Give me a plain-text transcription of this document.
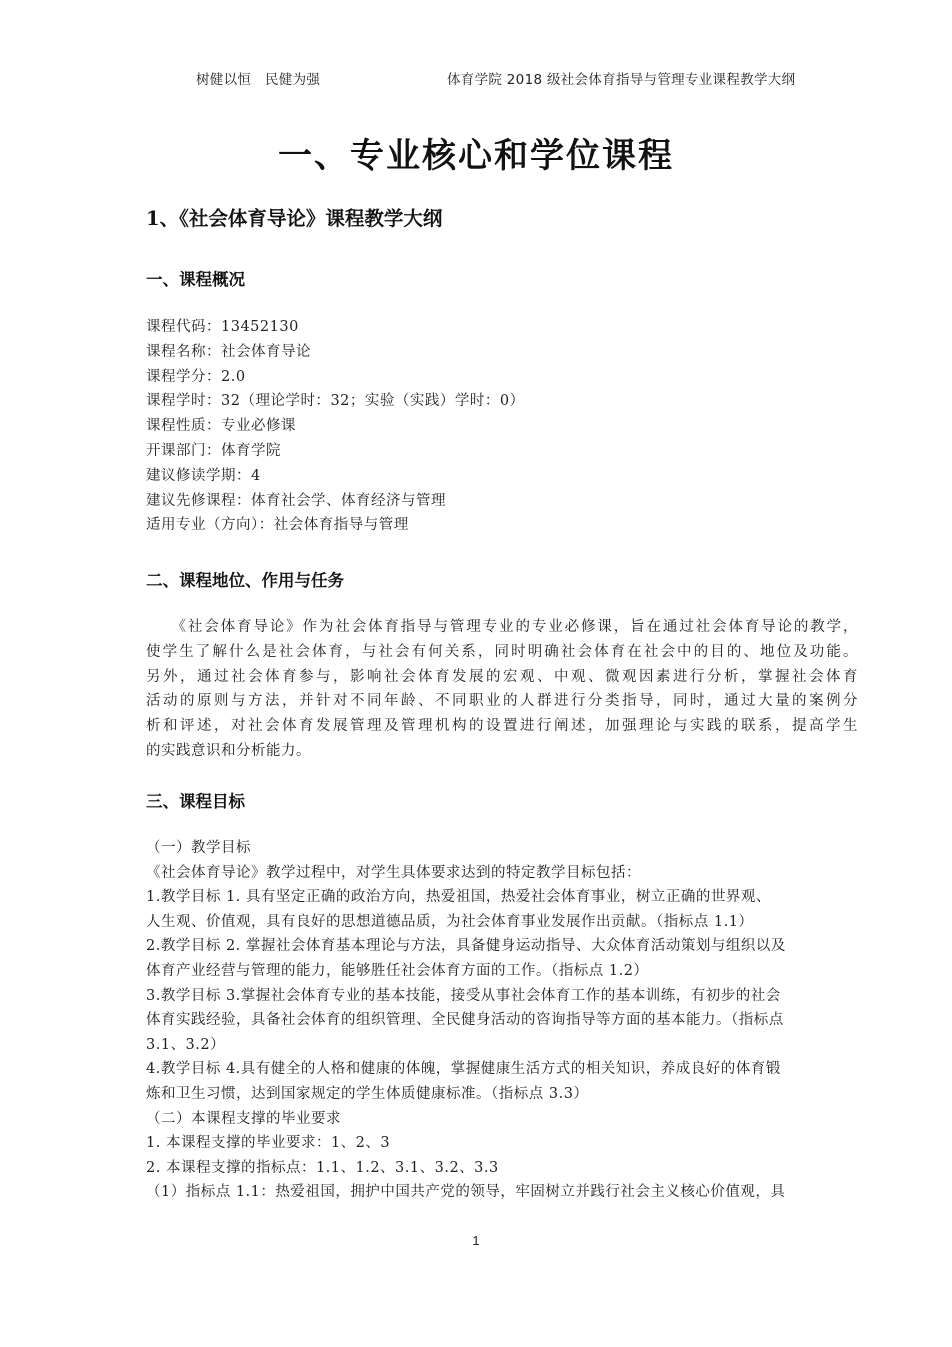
树健以恒　民健为强	体育学院 2018 级社会体育指导与管理专业课程教学大纲
一、专业核心和学位课程
1、《社会体育导论》课程教学大纲
一、课程概况
课程代码：13452130
课程名称：社会体育导论
课程学分：2.0
课程学时：32（理论学时：32；实验（实践）学时：0）
课程性质：专业必修课
开课部门：体育学院
建议修读学期：4
建议先修课程：体育社会学、体育经济与管理
适用专业（方向）：社会体育指导与管理
二、课程地位、作用与任务
　　《社会体育导论》作为社会体育指导与管理专业的专业必修课，旨在通过社会体育导论的教学，
使学生了解什么是社会体育，与社会有何关系，同时明确社会体育在社会中的目的、地位及功能。
另外，通过社会体育参与，影响社会体育发展的宏观、中观、微观因素进行分析，掌握社会体育
活动的原则与方法，并针对不同年龄、不同职业的人群进行分类指导，同时，通过大量的案例分
析和评述，对社会体育发展管理及管理机构的设置进行阐述，加强理论与实践的联系，提高学生
的实践意识和分析能力。
三、课程目标
（一）教学目标
《社会体育导论》教学过程中，对学生具体要求达到的特定教学目标包括：
1.教学目标 1. 具有坚定正确的政治方向，热爱祖国，热爱社会体育事业，树立正确的世界观、
人生观、价值观，具有良好的思想道德品质，为社会体育事业发展作出贡献。（指标点 1.1）
2.教学目标 2. 掌握社会体育基本理论与方法，具备健身运动指导、大众体育活动策划与组织以及
体育产业经营与管理的能力，能够胜任社会体育方面的工作。（指标点 1.2）
3.教学目标 3.掌握社会体育专业的基本技能，接受从事社会体育工作的基本训练，有初步的社会
体育实践经验，具备社会体育的组织管理、全民健身活动的咨询指导等方面的基本能力。（指标点
3.1、3.2）
4.教学目标 4.具有健全的人格和健康的体魄，掌握健康生活方式的相关知识，养成良好的体育锻
炼和卫生习惯，达到国家规定的学生体质健康标准。（指标点 3.3）
（二）本课程支撑的毕业要求
1. 本课程支撑的毕业要求：1、2、3
2. 本课程支撑的指标点：1.1、1.2、3.1、3.2、3.3
（1）指标点 1.1：热爱祖国，拥护中国共产党的领导，牢固树立并践行社会主义核心价值观，具
1
